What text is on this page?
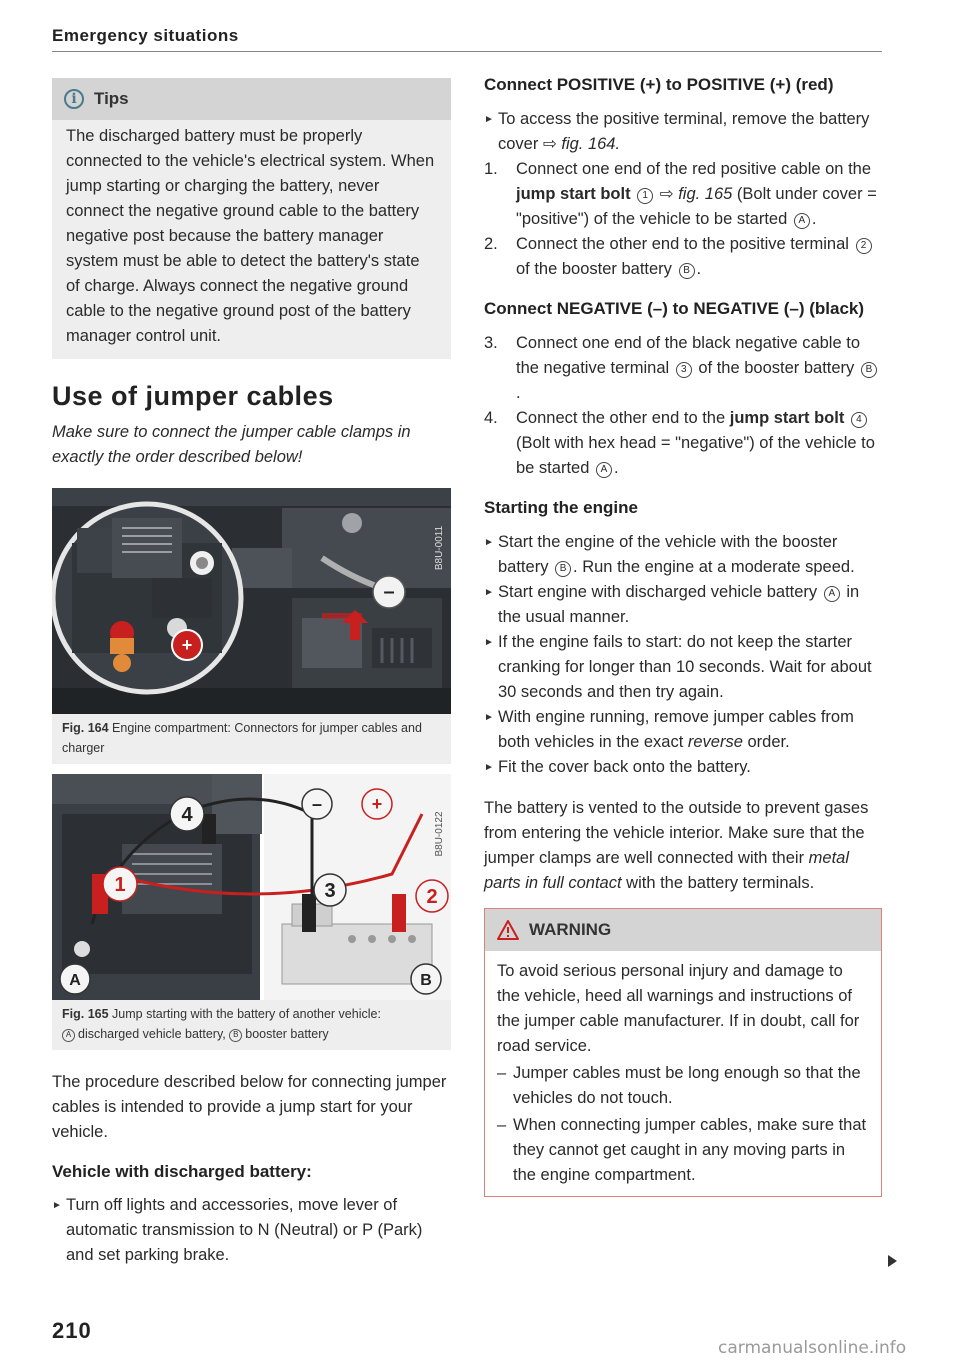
Emergency situations
i	Tips
The discharged battery must be properly connected to the vehicle's electrical system. When jump starting or charging the battery, never connect the negative ground cable to the battery negative post because the battery manager system must be able to detect the battery's state of charge. Always connect the negative ground cable to the negative ground post of the battery manager control unit.
Use of jumper cables

Make sure to connect the jumper cable clamps in exactly the order described below!

–
+
B8U-0011
Fig. 164 Engine compartment: Connectors for jumper cables and charger
4
1	3	2
–	+
A	B
B8U-0122
Fig. 165 Jump starting with the battery of another vehicle:
A discharged vehicle battery, B booster battery

The procedure described below for connecting jumper cables is intended to provide a jump start for your vehicle.

Vehicle with discharged battery:
► Turn off lights and accessories, move lever of automatic transmission to N (Neutral) or P (Park) and set parking brake.
Connect POSITIVE (+) to POSITIVE (+) (red)
► To access the positive terminal, remove the battery cover ⇨ fig. 164.
1. Connect one end of the red positive cable on the jump start bolt 1 ⇨ fig. 165 (Bolt under cover = "positive") of the vehicle to be started A .
2. Connect the other end to the positive terminal 2 of the booster battery B .
Connect NEGATIVE (–) to NEGATIVE (–) (black)
3. Connect one end of the black negative cable to the negative terminal 3 of the booster battery B.
4. Connect the other end to the jump start bolt 4 (Bolt with hex head = "negative") of the vehicle to be started A .
Starting the engine
► Start the engine of the vehicle with the booster battery B . Run the engine at a moderate speed.
► Start engine with discharged vehicle battery A in the usual manner.
► If the engine fails to start: do not keep the starter cranking for longer than 10 seconds. Wait for about 30 seconds and then try again.
► With engine running, remove jumper cables from both vehicles in the exact reverse order.
► Fit the cover back onto the battery.

The battery is vented to the outside to prevent gases from entering the vehicle interior. Make sure that the jumper clamps are well connected with their metal parts in full contact with the battery terminals.

WARNING
To avoid serious personal injury and damage to the vehicle, heed all warnings and instructions of the jumper cable manufacturer. If in doubt, call for road service.
– Jumper cables must be long enough so that the vehicles do not touch.
– When connecting jumper cables, make sure that they cannot get caught in any moving parts in the engine compartment.
210
carmanualsonline.info
